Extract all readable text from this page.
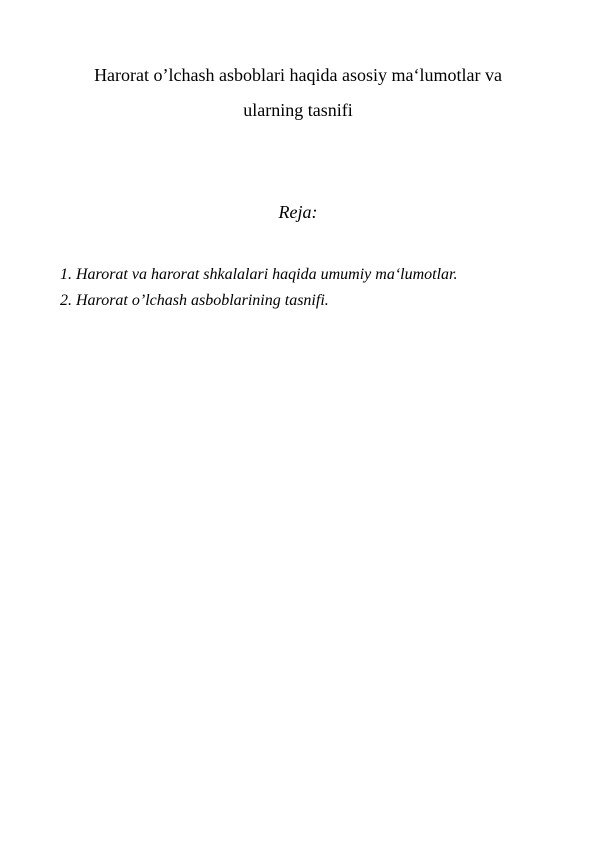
Harorat o’lchash asboblari haqida asosiy ma‘lumotlar va
ularning tasnifi
Reja:
1. Harorat va harorat shkalalari haqida umumiy ma‘lumotlar.
2. Harorat o’lchash asboblarining tasnifi.
